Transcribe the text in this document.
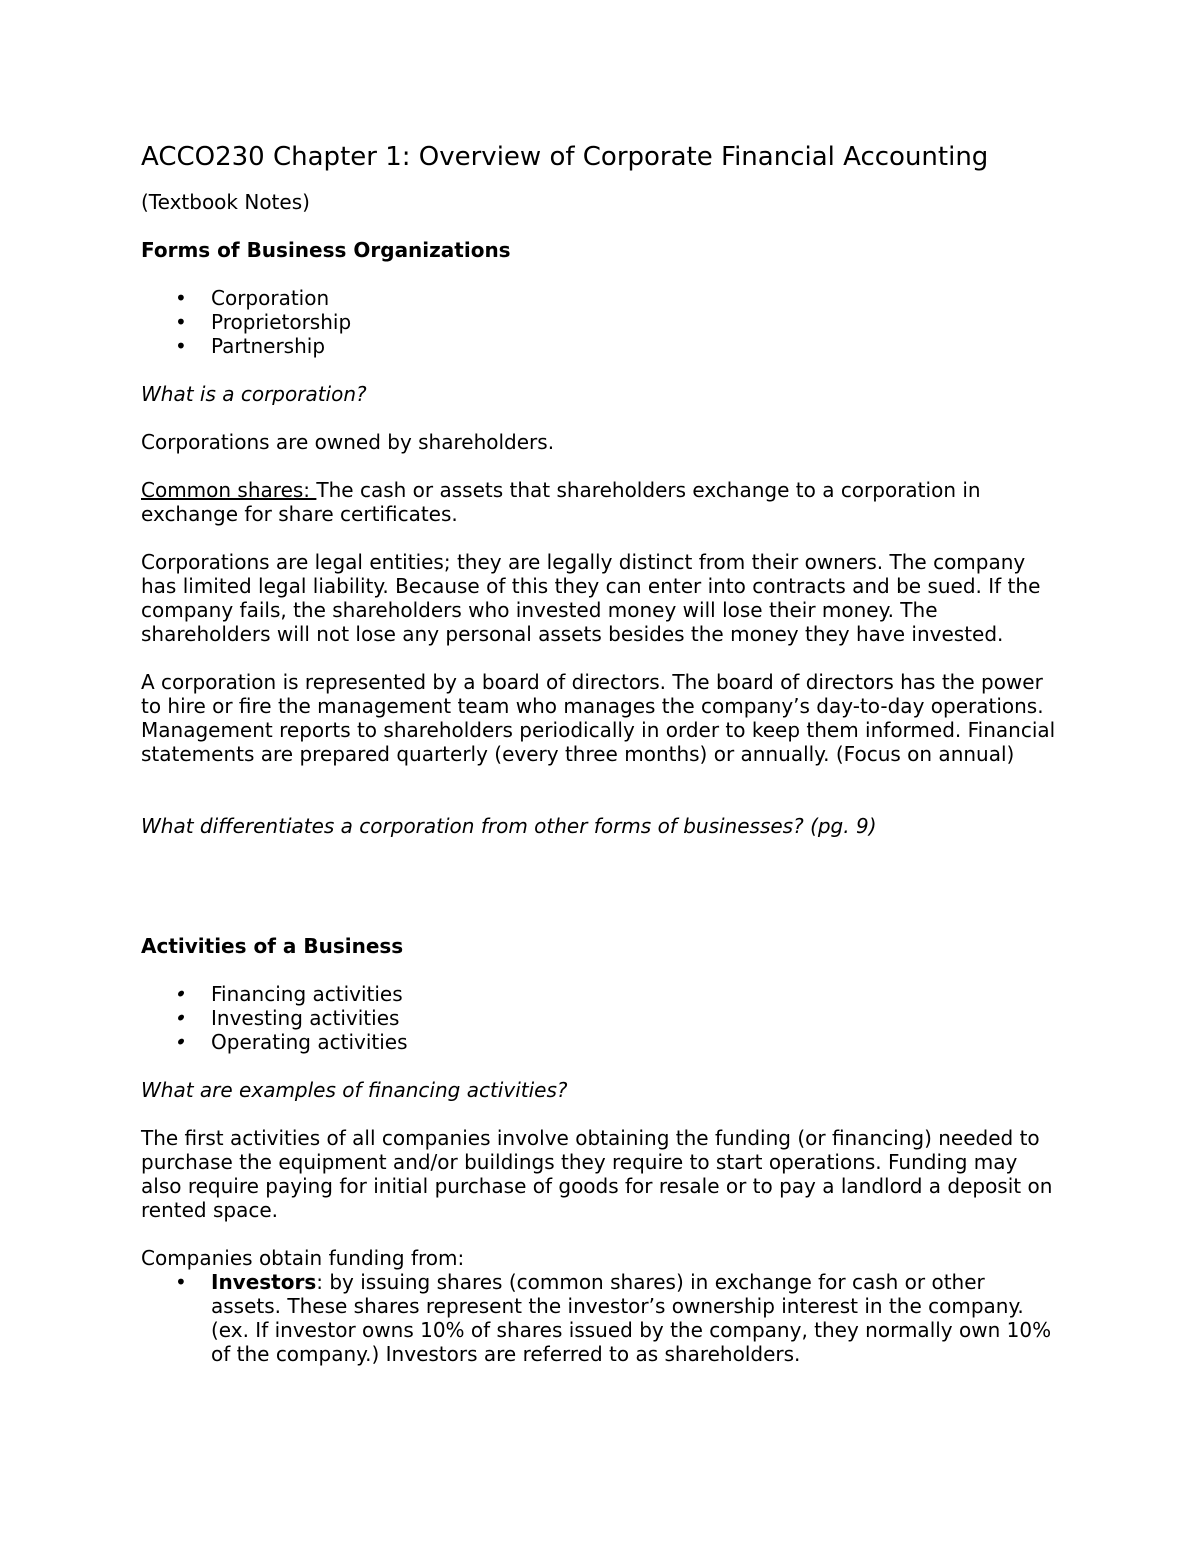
ACCO230 Chapter 1: Overview of Corporate Financial Accounting

(Textbook Notes)

Forms of Business Organizations

• Corporation
• Proprietorship
• Partnership

What is a corporation?

Corporations are owned by shareholders.

Common shares: The cash or assets that shareholders exchange to a corporation in exchange for share certificates.

Corporations are legal entities; they are legally distinct from their owners. The company has limited legal liability. Because of this they can enter into contracts and be sued. If the company fails, the shareholders who invested money will lose their money. The shareholders will not lose any personal assets besides the money they have invested.

A corporation is represented by a board of directors. The board of directors has the power to hire or fire the management team who manages the company’s day-to-day operations. Management reports to shareholders periodically in order to keep them informed. Financial statements are prepared quarterly (every three months) or annually. (Focus on annual)

What differentiates a corporation from other forms of businesses? (pg. 9)

Activities of a Business

• Financing activities
• Investing activities
• Operating activities

What are examples of financing activities?

The first activities of all companies involve obtaining the funding (or financing) needed to purchase the equipment and/or buildings they require to start operations. Funding may also require paying for initial purchase of goods for resale or to pay a landlord a deposit on rented space.

Companies obtain funding from:

• Investors: by issuing shares (common shares) in exchange for cash or other assets. These shares represent the investor’s ownership interest in the company. (ex. If investor owns 10% of shares issued by the company, they normally own 10% of the company.) Investors are referred to as shareholders.
